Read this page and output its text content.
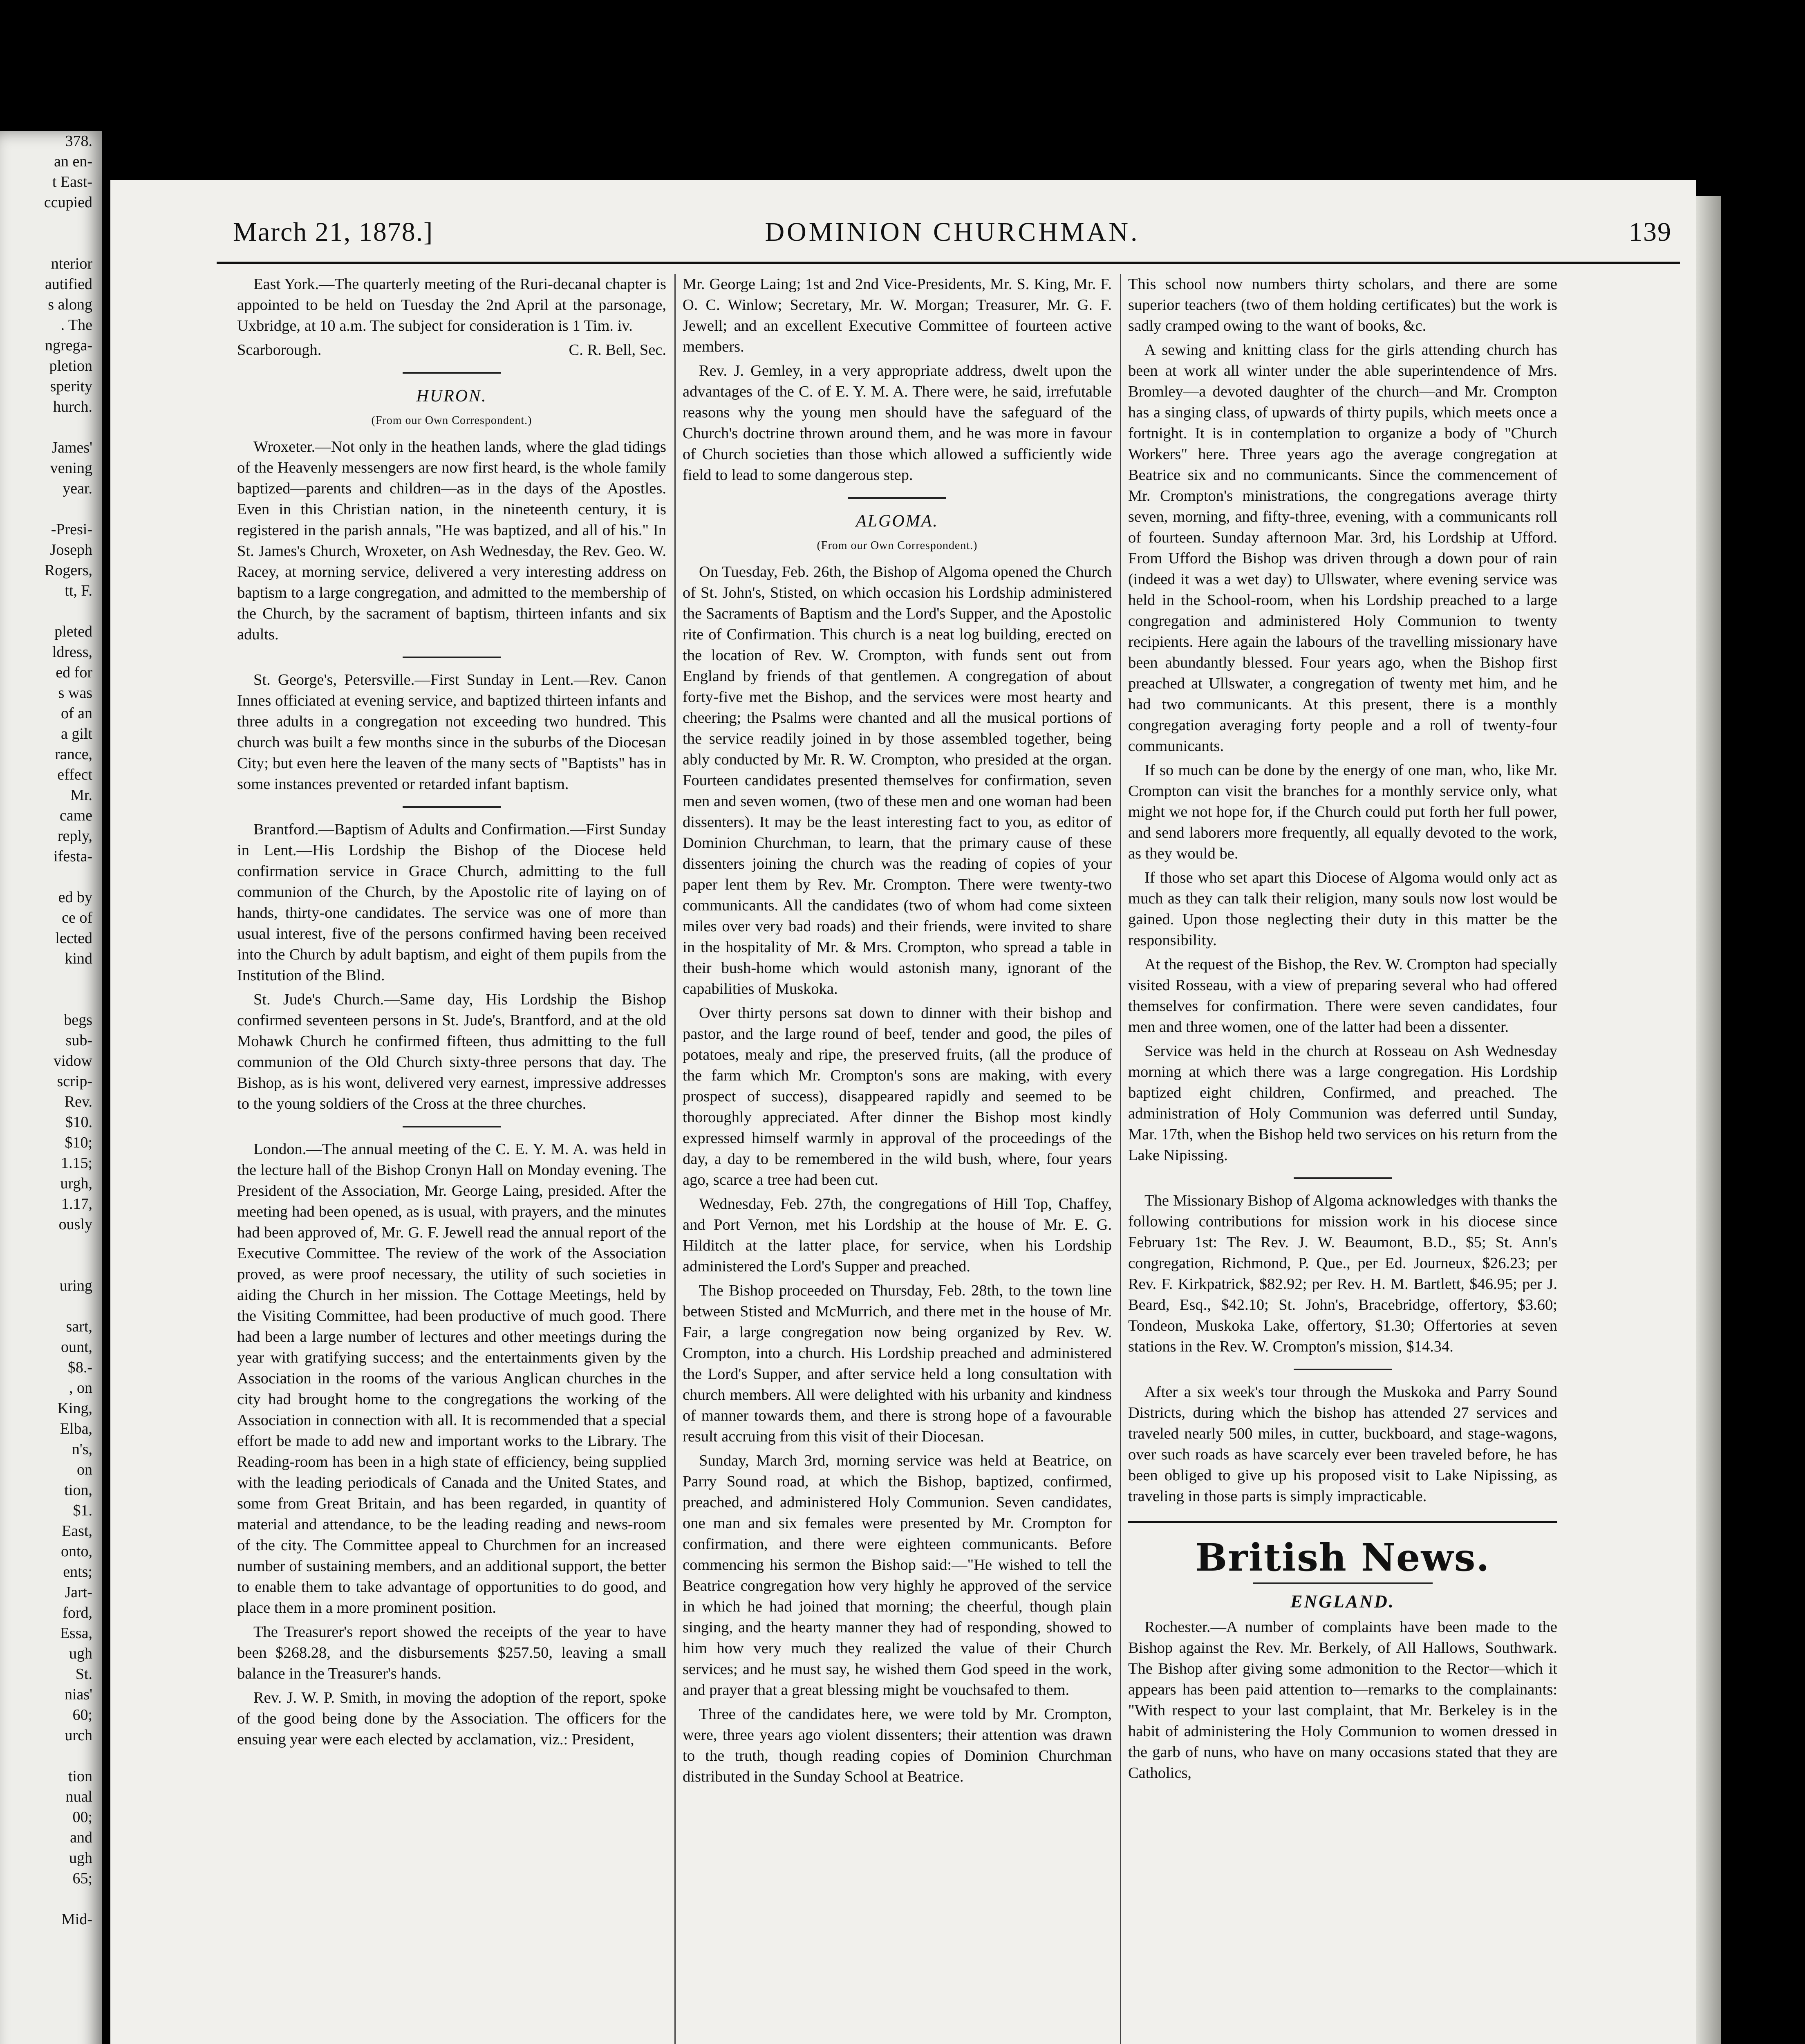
378.
an en-
t East-
ccupied

nterior
autified
s along
. The
ngrega-
pletion
sperity
hurch.

James'
vening
year.

-Presi-
Joseph
Rogers,
tt, F.

pleted
ldress,
ed for
s was
of an
a gilt
rance,
effect
Mr.
came
reply,
ifesta-

ed by
ce of
lected
kind

begs
sub-
vidow
scrip-
Rev.
$10.
$10;
1.15;
urgh,
1.17,
ously

uring

sart,
ount,
$8.-
, on
King,
Elba,
n's,
on
tion,
$1.
East,
onto,
ents;
Jart-
ford,
Essa,
ugh
St.
nias'
60;
urch

tion
nual
00;
and
ugh
65;

Mid-
March 21, 1878.]	DOMINION CHURCHMAN.	139

East York.—The quarterly meeting of the Ruri-decanal chapter is appointed to be held on Tuesday the 2nd April at the parsonage, Uxbridge, at 10 a.m. The subject for consideration is 1 Tim. iv.

Scarborough.	C. R. Bell, Sec.
HURON.
(From our Own Correspondent.)

Wroxeter.—Not only in the heathen lands, where the glad tidings of the Heavenly messengers are now first heard, is the whole family baptized—parents and children—as in the days of the Apostles. Even in this Christian nation, in the nineteenth century, it is registered in the parish annals, "He was baptized, and all of his." In St. James's Church, Wroxeter, on Ash Wednesday, the Rev. Geo. W. Racey, at morning service, delivered a very interesting address on baptism to a large congregation, and admitted to the membership of the Church, by the sacrament of baptism, thirteen infants and six adults.

St. George's, Petersville.—First Sunday in Lent.—Rev. Canon Innes officiated at evening service, and baptized thirteen infants and three adults in a congregation not exceeding two hundred. This church was built a few months since in the suburbs of the Diocesan City; but even here the leaven of the many sects of "Baptists" has in some instances prevented or retarded infant baptism.

Brantford.—Baptism of Adults and Confirmation.—First Sunday in Lent.—His Lordship the Bishop of the Diocese held confirmation service in Grace Church, admitting to the full communion of the Church, by the Apostolic rite of laying on of hands, thirty-one candidates. The service was one of more than usual interest, five of the persons confirmed having been received into the Church by adult baptism, and eight of them pupils from the Institution of the Blind.

St. Jude's Church.—Same day, His Lordship the Bishop confirmed seventeen persons in St. Jude's, Brantford, and at the old Mohawk Church he confirmed fifteen, thus admitting to the full communion of the Old Church sixty-three persons that day. The Bishop, as is his wont, delivered very earnest, impressive addresses to the young soldiers of the Cross at the three churches.

London.—The annual meeting of the C. E. Y. M. A. was held in the lecture hall of the Bishop Cronyn Hall on Monday evening. The President of the Association, Mr. George Laing, presided. After the meeting had been opened, as is usual, with prayers, and the minutes had been approved of, Mr. G. F. Jewell read the annual report of the Executive Committee. The review of the work of the Association proved, as were proof necessary, the utility of such societies in aiding the Church in her mission. The Cottage Meetings, held by the Visiting Committee, had been productive of much good. There had been a large number of lectures and other meetings during the year with gratifying success; and the entertainments given by the Association in the rooms of the various Anglican churches in the city had brought home to the congregations the working of the Association in connection with all. It is recommended that a special effort be made to add new and important works to the Library. The Reading-room has been in a high state of efficiency, being supplied with the leading periodicals of Canada and the United States, and some from Great Britain, and has been regarded, in quantity of material and attendance, to be the leading reading and news-room of the city. The Committee appeal to Churchmen for an increased number of sustaining members, and an additional support, the better to enable them to take advantage of opportunities to do good, and place them in a more prominent position.

The Treasurer's report showed the receipts of the year to have been $268.28, and the disbursements $257.50, leaving a small balance in the Treasurer's hands.

Rev. J. W. P. Smith, in moving the adoption of the report, spoke of the good being done by the Association. The officers for the ensuing year were each elected by acclamation, viz.: President,

Mr. George Laing; 1st and 2nd Vice-Presidents, Mr. S. King, Mr. F. O. C. Winlow; Secretary, Mr. W. Morgan; Treasurer, Mr. G. F. Jewell; and an excellent Executive Committee of fourteen active members.

Rev. J. Gemley, in a very appropriate address, dwelt upon the advantages of the C. of E. Y. M. A. There were, he said, irrefutable reasons why the young men should have the safeguard of the Church's doctrine thrown around them, and he was more in favour of Church societies than those which allowed a sufficiently wide field to lead to some dangerous step.

ALGOMA.
(From our Own Correspondent.)

On Tuesday, Feb. 26th, the Bishop of Algoma opened the Church of St. John's, Stisted, on which occasion his Lordship administered the Sacraments of Baptism and the Lord's Supper, and the Apostolic rite of Confirmation. This church is a neat log building, erected on the location of Rev. W. Crompton, with funds sent out from England by friends of that gentlemen. A congregation of about forty-five met the Bishop, and the services were most hearty and cheering; the Psalms were chanted and all the musical portions of the service readily joined in by those assembled together, being ably conducted by Mr. R. W. Crompton, who presided at the organ. Fourteen candidates presented themselves for confirmation, seven men and seven women, (two of these men and one woman had been dissenters). It may be the least interesting fact to you, as editor of Dominion Churchman, to learn, that the primary cause of these dissenters joining the church was the reading of copies of your paper lent them by Rev. Mr. Crompton. There were twenty-two communicants. All the candidates (two of whom had come sixteen miles over very bad roads) and their friends, were invited to share in the hospitality of Mr. & Mrs. Crompton, who spread a table in their bush-home which would astonish many, ignorant of the capabilities of Muskoka.

Over thirty persons sat down to dinner with their bishop and pastor, and the large round of beef, tender and good, the piles of potatoes, mealy and ripe, the preserved fruits, (all the produce of the farm which Mr. Crompton's sons are making, with every prospect of success), disappeared rapidly and seemed to be thoroughly appreciated. After dinner the Bishop most kindly expressed himself warmly in approval of the proceedings of the day, a day to be remembered in the wild bush, where, four years ago, scarce a tree had been cut.

Wednesday, Feb. 27th, the congregations of Hill Top, Chaffey, and Port Vernon, met his Lordship at the house of Mr. E. G. Hilditch at the latter place, for service, when his Lordship administered the Lord's Supper and preached.

The Bishop proceeded on Thursday, Feb. 28th, to the town line between Stisted and McMurrich, and there met in the house of Mr. Fair, a large congregation now being organized by Rev. W. Crompton, into a church. His Lordship preached and administered the Lord's Supper, and after service held a long consultation with church members. All were delighted with his urbanity and kindness of manner towards them, and there is strong hope of a favourable result accruing from this visit of their Diocesan.

Sunday, March 3rd, morning service was held at Beatrice, on Parry Sound road, at which the Bishop, baptized, confirmed, preached, and administered Holy Communion. Seven candidates, one man and six females were presented by Mr. Crompton for confirmation, and there were eighteen communicants. Before commencing his sermon the Bishop said:—"He wished to tell the Beatrice congregation how very highly he approved of the service in which he had joined that morning; the cheerful, though plain singing, and the hearty manner they had of responding, showed to him how very much they realized the value of their Church services; and he must say, he wished them God speed in the work, and prayer that a great blessing might be vouchsafed to them.

Three of the candidates here, we were told by Mr. Crompton, were, three years ago violent dissenters; their attention was drawn to the truth, though reading copies of Dominion Churchman distributed in the Sunday School at Beatrice.

This school now numbers thirty scholars, and there are some superior teachers (two of them holding certificates) but the work is sadly cramped owing to the want of books, &c.

A sewing and knitting class for the girls attending church has been at work all winter under the able superintendence of Mrs. Bromley—a devoted daughter of the church—and Mr. Crompton has a singing class, of upwards of thirty pupils, which meets once a fortnight. It is in contemplation to organize a body of "Church Workers" here. Three years ago the average congregation at Beatrice six and no communicants. Since the commencement of Mr. Crompton's ministrations, the congregations average thirty seven, morning, and fifty-three, evening, with a communicants roll of fourteen. Sunday afternoon Mar. 3rd, his Lordship at Ufford. From Ufford the Bishop was driven through a down pour of rain (indeed it was a wet day) to Ullswater, where evening service was held in the School-room, when his Lordship preached to a large congregation and administered Holy Communion to twenty recipients. Here again the labours of the travelling missionary have been abundantly blessed. Four years ago, when the Bishop first preached at Ullswater, a congregation of twenty met him, and he had two communicants. At this present, there is a monthly congregation averaging forty people and a roll of twenty-four communicants.

If so much can be done by the energy of one man, who, like Mr. Crompton can visit the branches for a monthly service only, what might we not hope for, if the Church could put forth her full power, and send laborers more frequently, all equally devoted to the work, as they would be.

If those who set apart this Diocese of Algoma would only act as much as they can talk their religion, many souls now lost would be gained. Upon those neglecting their duty in this matter be the responsibility.

At the request of the Bishop, the Rev. W. Crompton had specially visited Rosseau, with a view of preparing several who had offered themselves for confirmation. There were seven candidates, four men and three women, one of the latter had been a dissenter.

Service was held in the church at Rosseau on Ash Wednesday morning at which there was a large congregation. His Lordship baptized eight children, Confirmed, and preached. The administration of Holy Communion was deferred until Sunday, Mar. 17th, when the Bishop held two services on his return from the Lake Nipissing.

The Missionary Bishop of Algoma acknowledges with thanks the following contributions for mission work in his diocese since February 1st: The Rev. J. W. Beaumont, B.D., $5; St. Ann's congregation, Richmond, P. Que., per Ed. Journeux, $26.23; per Rev. F. Kirkpatrick, $82.92; per Rev. H. M. Bartlett, $46.95; per J. Beard, Esq., $42.10; St. John's, Bracebridge, offertory, $3.60; Tondeon, Muskoka Lake, offertory, $1.30; Offertories at seven stations in the Rev. W. Crompton's mission, $14.34.

After a six week's tour through the Muskoka and Parry Sound Districts, during which the bishop has attended 27 services and traveled nearly 500 miles, in cutter, buckboard, and stage-wagons, over such roads as have scarcely ever been traveled before, he has been obliged to give up his proposed visit to Lake Nipissing, as traveling in those parts is simply impracticable.

British News.
ENGLAND.

Rochester.—A number of complaints have been made to the Bishop against the Rev. Mr. Berkely, of All Hallows, Southwark. The Bishop after giving some admonition to the Rector—which it appears has been paid attention to—remarks to the complainants: "With respect to your last complaint, that Mr. Berkeley is in the habit of administering the Holy Communion to women dressed in the garb of nuns, who have on many occasions stated that they are Catholics,
